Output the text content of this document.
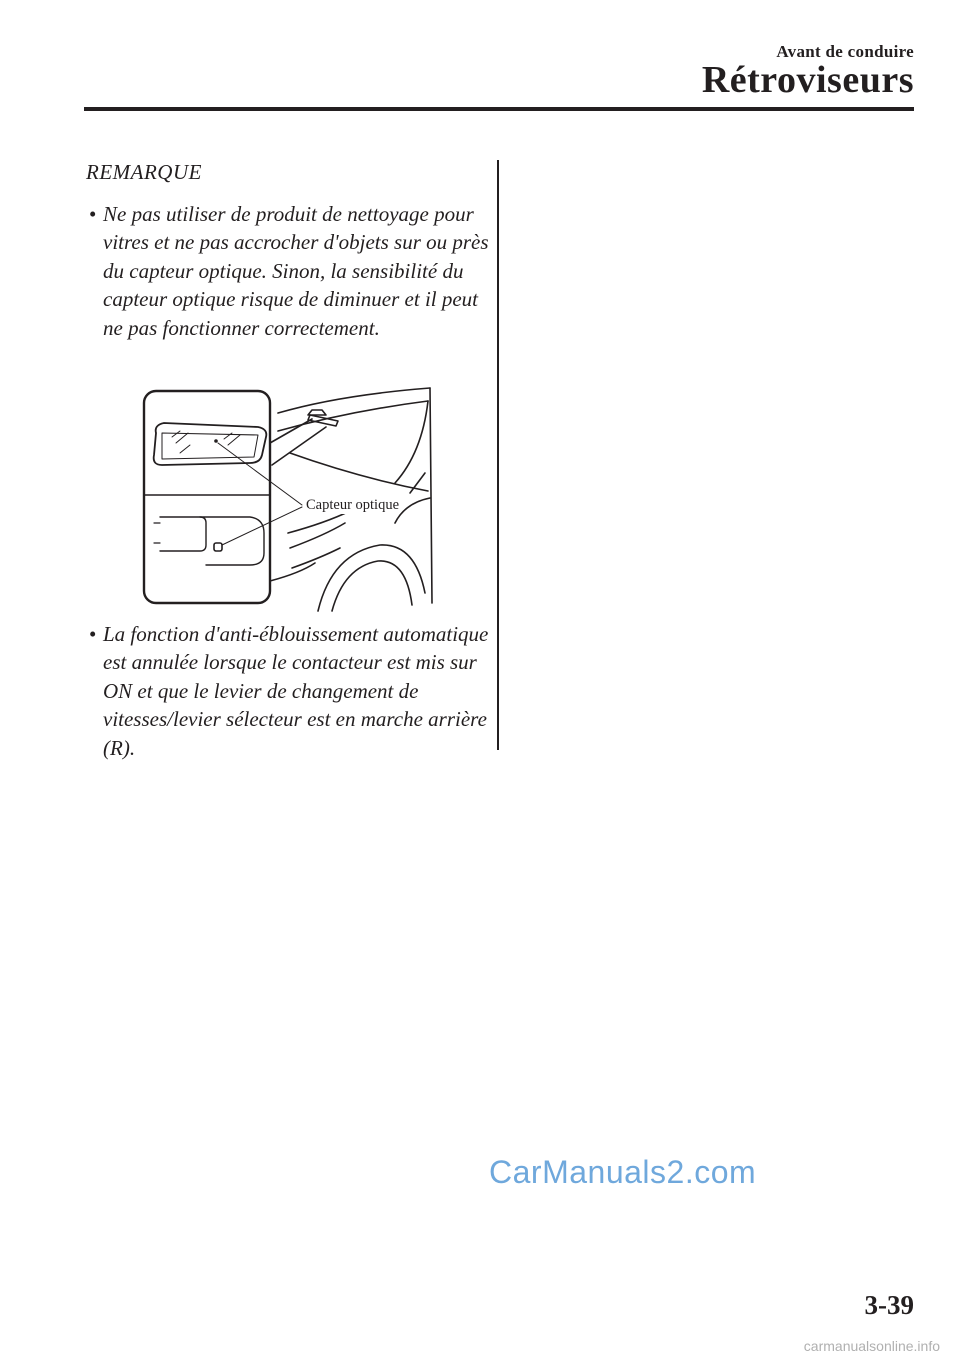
Avant de conduire
Rétroviseurs
REMARQUE
• Ne pas utiliser de produit de nettoyage pour vitres et ne pas accrocher d'objets sur ou près du capteur optique. Sinon, la sensibilité du capteur optique risque de diminuer et il peut ne pas fonctionner correctement.
Capteur optique
• La fonction d'anti-éblouissement automatique est annulée lorsque le contacteur est mis sur ON et que le levier de changement de vitesses/levier sélecteur est en marche arrière (R).
CarManuals2.com
3-39
carmanualsonline.info
